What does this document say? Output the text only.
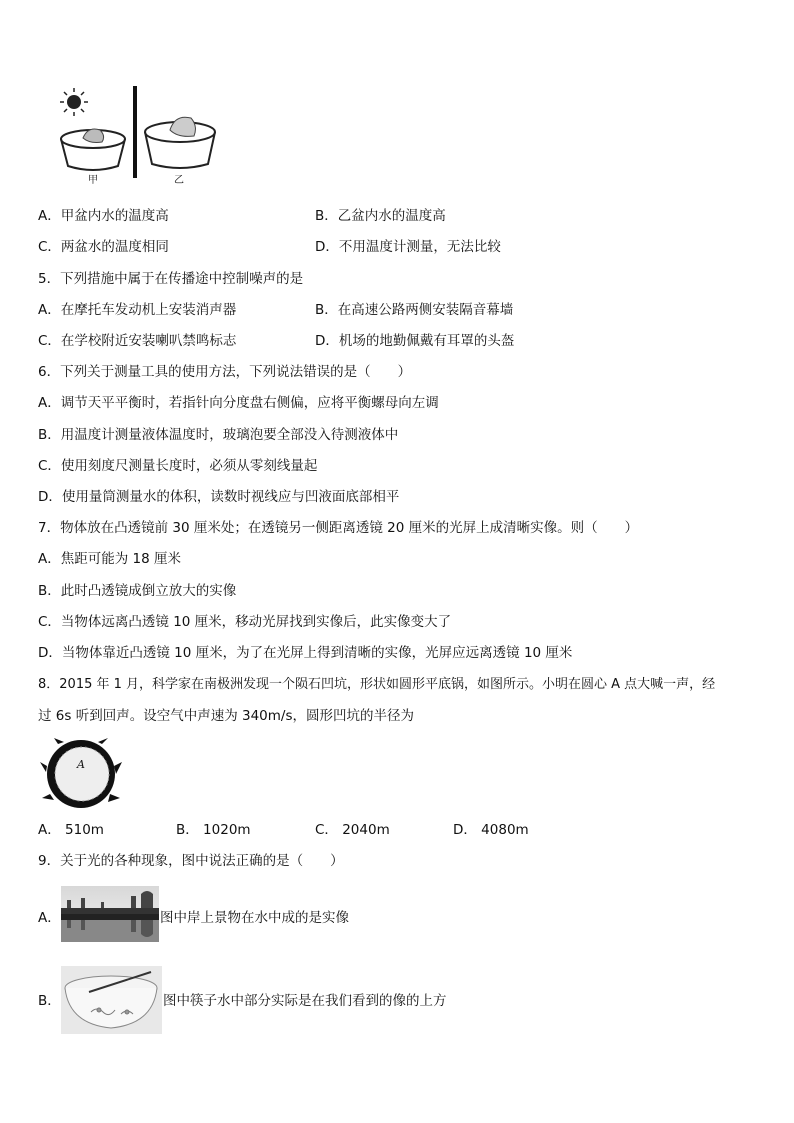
甲	乙
A．甲盆内水的温度高	B．乙盆内水的温度高
C．两盆水的温度相同	D．不用温度计测量，无法比较
5．下列措施中属于在传播途中控制噪声的是
A．在摩托车发动机上安装消声器	B．在高速公路两侧安装隔音幕墙
C．在学校附近安装喇叭禁鸣标志	D．机场的地勤佩戴有耳罩的头盔
6．下列关于测量工具的使用方法，下列说法错误的是（　　）
A．调节天平平衡时，若指针向分度盘右侧偏，应将平衡螺母向左调
B．用温度计测量液体温度时，玻璃泡要全部没入待测液体中
C．使用刻度尺测量长度时，必须从零刻线量起
D．使用量筒测量水的体积，读数时视线应与凹液面底部相平
7．物体放在凸透镜前 30 厘米处；在透镜另一侧距离透镜 20 厘米的光屏上成清晰实像。则（　　）
A．焦距可能为 18 厘米
B．此时凸透镜成倒立放大的实像
C．当物体远离凸透镜 10 厘米，移动光屏找到实像后，此实像变大了
D．当物体靠近凸透镜 10 厘米，为了在光屏上得到清晰的实像，光屏应远离透镜 10 厘米
8．2015 年 1 月，科学家在南极洲发现一个陨石凹坑，形状如圆形平底锅，如图所示。小明在圆心 A 点大喊一声，经
过 6s 听到回声。设空气中声速为 340m/s，圆形凹坑的半径为
A
A． 510m	B． 1020m	C． 2040m	D． 4080m
9．关于光的各种现象，图中说法正确的是（　　）
A．	图中岸上景物在水中成的是实像
B．	图中筷子水中部分实际是在我们看到的像的上方
